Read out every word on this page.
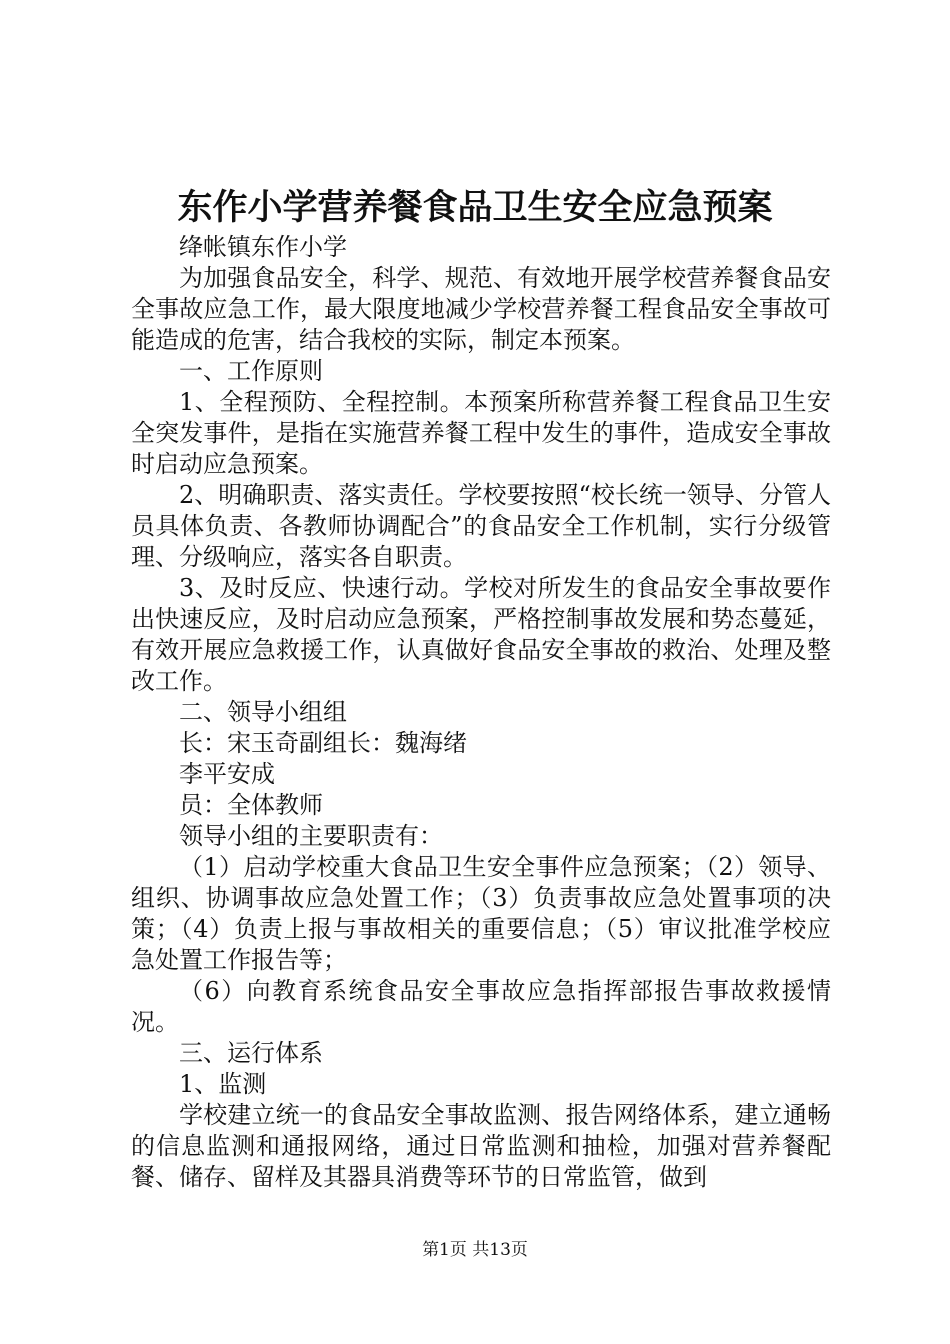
东作小学营养餐食品卫生安全应急预案

绛帐镇东作小学

为加强食品安全，科学、规范、有效地开展学校营养餐食品安全事故应急工作，最大限度地减少学校营养餐工程食品安全事故可能造成的危害，结合我校的实际，制定本预案。

一、工作原则

1、全程预防、全程控制。本预案所称营养餐工程食品卫生安全突发事件，是指在实施营养餐工程中发生的事件，造成安全事故时启动应急预案。

2、明确职责、落实责任。学校要按照“校长统一领导、分管人员具体负责、各教师协调配合”的食品安全工作机制，实行分级管理、分级响应，落实各自职责。

3、及时反应、快速行动。学校对所发生的食品安全事故要作出快速反应，及时启动应急预案，严格控制事故发展和势态蔓延，有效开展应急救援工作，认真做好食品安全事故的救治、处理及整改工作。

二、领导小组组

长：宋玉奇副组长：魏海绪

李平安成

员：全体教师

领导小组的主要职责有：

（1）启动学校重大食品卫生安全事件应急预案；（2）领导、组织、协调事故应急处置工作；（3）负责事故应急处置事项的决策；（4）负责上报与事故相关的重要信息；（5）审议批准学校应急处置工作报告等；

（6）向教育系统食品安全事故应急指挥部报告事故救援情况。

三、运行体系

1、监测

学校建立统一的食品安全事故监测、报告网络体系，建立通畅的信息监测和通报网络，通过日常监测和抽检，加强对营养餐配餐、储存、留样及其器具消费等环节的日常监管，做到

第1页 共13页
